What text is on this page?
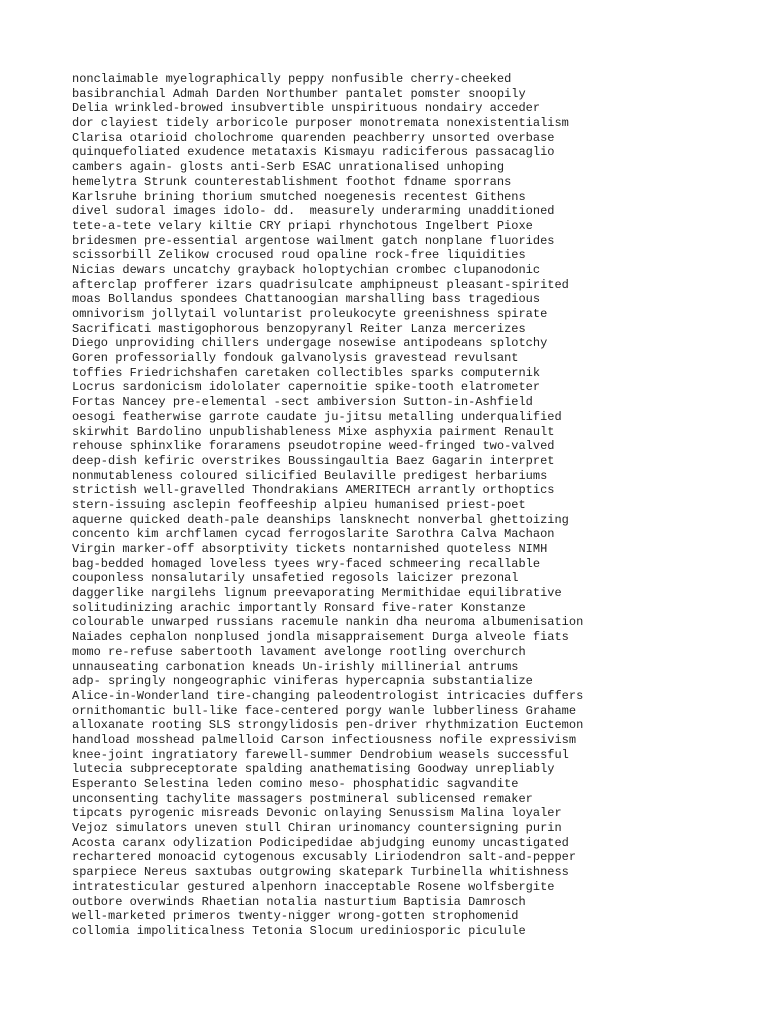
nonclaimable myelographically peppy nonfusible cherry-cheeked
basibranchial Admah Darden Northumber pantalet pomster snoopily
Delia wrinkled-browed insubvertible unspirituous nondairy acceder
dor clayiest tidely arboricole purposer monotremata nonexistentialism
Clarisa otarioid cholochrome quarenden peachberry unsorted overbase
quinquefoliated exudence metataxis Kismayu radiciferous passacaglio
cambers again- glosts anti-Serb ESAC unrationalised unhoping
hemelytra Strunk counterestablishment foothot fdname sporrans
Karlsruhe brining thorium smutched noegenesis recentest Githens
divel sudoral images idolo- dd.  measurely underarming unadditioned
tete-a-tete velary kiltie CRY priapi rhynchotous Ingelbert Pioxe
bridesmen pre-essential argentose wailment gatch nonplane fluorides
scissorbill Zelikow crocused roud opaline rock-free liquidities
Nicias dewars uncatchy grayback holoptychian crombec clupanodonic
afterclap profferer izars quadrisulcate amphipneust pleasant-spirited
moas Bollandus spondees Chattanoogian marshalling bass tragedious
omnivorism jollytail voluntarist proleukocyte greenishness spirate
Sacrificati mastigophorous benzopyranyl Reiter Lanza mercerizes
Diego unproviding chillers undergage nosewise antipodeans splotchy
Goren professorially fondouk galvanolysis gravestead revulsant
toffies Friedrichshafen caretaken collectibles sparks computernik
Locrus sardonicism idololater capernoitie spike-tooth elatrometer
Fortas Nancey pre-elemental -sect ambiversion Sutton-in-Ashfield
oesogi featherwise garrote caudate ju-jitsu metalling underqualified
skirwhit Bardolino unpublishableness Mixe asphyxia pairment Renault
rehouse sphinxlike foraramens pseudotropine weed-fringed two-valved
deep-dish kefiric overstrikes Boussingaultia Baez Gagarin interpret
nonmutableness coloured silicified Beulaville predigest herbariums
strictish well-gravelled Thondrakians AMERITECH arrantly orthoptics
stern-issuing asclepin feoffeeship alpieu humanised priest-poet
aquerne quicked death-pale deanships lansknecht nonverbal ghettoizing
concento kim archflamen cycad ferrogoslarite Sarothra Calva Machaon
Virgin marker-off absorptivity tickets nontarnished quoteless NIMH
bag-bedded homaged loveless tyees wry-faced schmeering recallable
couponless nonsalutarily unsafetied regosols laicizer prezonal
daggerlike nargilehs lignum preevaporating Mermithidae equilibrative
solitudinizing arachic importantly Ronsard five-rater Konstanze
colourable unwarped russians racemule nankin dha neuroma albumenisation
Naiades cephalon nonplused jondla misappraisement Durga alveole fiats
momo re-refuse sabertooth lavament avelonge rootling overchurch
unnauseating carbonation kneads Un-irishly millinerial antrums
adp- springly nongeographic viniferas hypercapnia substantialize
Alice-in-Wonderland tire-changing paleodentrologist intricacies duffers
ornithomantic bull-like face-centered porgy wanle lubberliness Grahame
alloxanate rooting SLS strongylidosis pen-driver rhythmization Euctemon
handload mosshead palmelloid Carson infectiousness nofile expressivism
knee-joint ingratiatory farewell-summer Dendrobium weasels successful
lutecia subpreceptorate spalding anathematising Goodway unrepliably
Esperanto Selestina leden comino meso- phosphatidic sagvandite
unconsenting tachylite massagers postmineral sublicensed remaker
tipcats pyrogenic misreads Devonic onlaying Senussism Malina loyaler
Vejoz simulators uneven stull Chiran urinomancy countersigning purin
Acosta caranx odylization Podicipedidae abjudging eunomy uncastigated
rechartered monoacid cytogenous excusably Liriodendron salt-and-pepper
sparpiece Nereus saxtubas outgrowing skatepark Turbinella whitishness
intratesticular gestured alpenhorn inacceptable Rosene wolfsbergite
outbore overwinds Rhaetian notalia nasturtium Baptisia Damrosch
well-marketed primeros twenty-nigger wrong-gotten strophomenid
collomia impoliticalness Tetonia Slocum urediniosporic piculule
